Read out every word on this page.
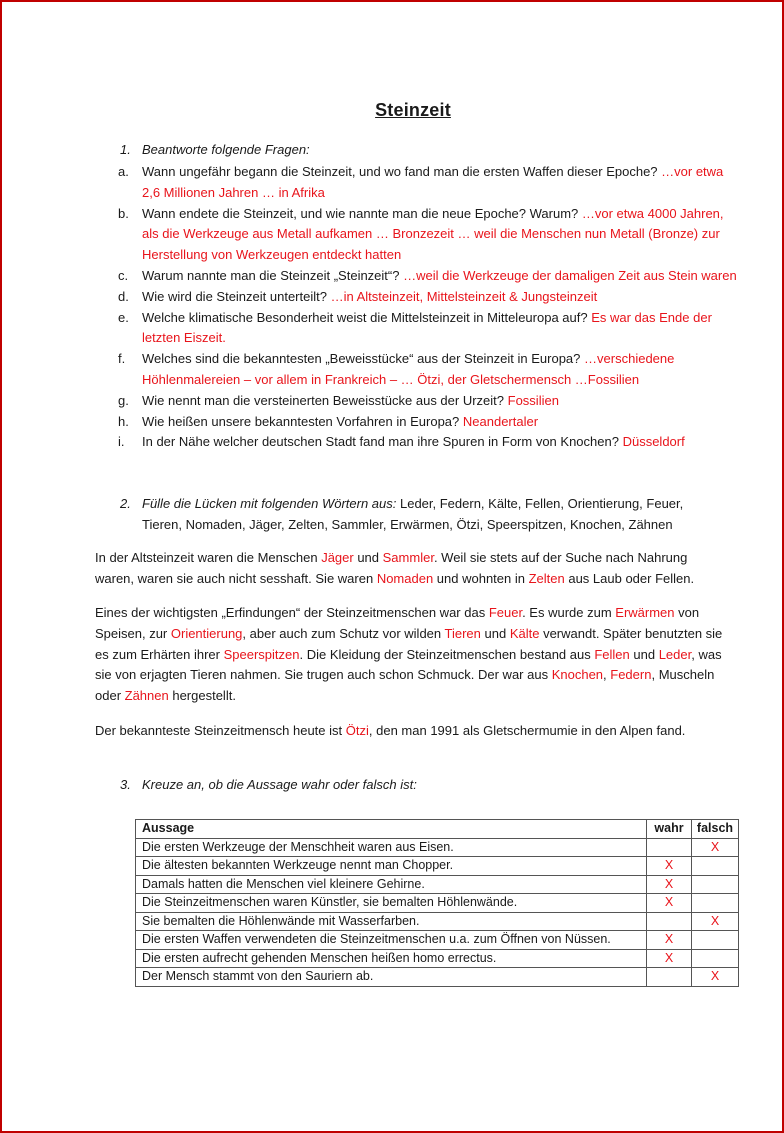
Steinzeit
1. Beantworte folgende Fragen:
a. Wann ungefähr begann die Steinzeit, und wo fand man die ersten Waffen dieser Epoche? …vor etwa 2,6 Millionen Jahren … in Afrika
b. Wann endete die Steinzeit, und wie nannte man die neue Epoche? Warum? …vor etwa 4000 Jahren, als die Werkzeuge aus Metall aufkamen … Bronzezeit … weil die Menschen nun Metall (Bronze) zur Herstellung von Werkzeugen entdeckt hatten
c. Warum nannte man die Steinzeit „Steinzeit“? …weil die Werkzeuge der damaligen Zeit aus Stein waren
d. Wie wird die Steinzeit unterteilt? …in Altsteinzeit, Mittelsteinzeit & Jungsteinzeit
e. Welche klimatische Besonderheit weist die Mittelsteinzeit in Mitteleuropa auf? Es war das Ende der letzten Eiszeit.
f. Welches sind die bekanntesten „Beweisstücke“ aus der Steinzeit in Europa? …verschiedene Höhlenmalereien – vor allem in Frankreich – … Ötzi, der Gletschermensch …Fossilien
g. Wie nennt man die versteinerten Beweisstücke aus der Urzeit? Fossilien
h. Wie heißen unsere bekanntesten Vorfahren in Europa? Neandertaler
i. In der Nähe welcher deutschen Stadt fand man ihre Spuren in Form von Knochen? Düsseldorf
2. Fülle die Lücken mit folgenden Wörtern aus: Leder, Federn, Kälte, Fellen, Orientierung, Feuer,
Tieren, Nomaden, Jäger, Zelten, Sammler, Erwärmen, Ötzi, Speerspitzen, Knochen, Zähnen

In der Altsteinzeit waren die Menschen Jäger und Sammler. Weil sie stets auf der Suche nach Nahrung waren, waren sie auch nicht sesshaft. Sie waren Nomaden und wohnten in Zelten aus Laub oder Fellen.

Eines der wichtigsten „Erfindungen“ der Steinzeitmenschen war das Feuer. Es wurde zum Erwärmen von Speisen, zur Orientierung, aber auch zum Schutz vor wilden Tieren und Kälte verwandt. Später benutzten sie es zum Erhärten ihrer Speerspitzen. Die Kleidung der Steinzeitmenschen bestand aus Fellen und Leder, was sie von erjagten Tieren nahmen. Sie trugen auch schon Schmuck. Der war aus Knochen, Federn, Muscheln oder Zähnen hergestellt.

Der bekannteste Steinzeitmensch heute ist Ötzi, den man 1991 als Gletschermumie in den Alpen fand.

3. Kreuze an, ob die Aussage wahr oder falsch ist:
Aussage	wahr	falsch
Die ersten Werkzeuge der Menschheit waren aus Eisen.		X
Die ältesten bekannten Werkzeuge nennt man Chopper.	X	
Damals hatten die Menschen viel kleinere Gehirne.	X	
Die Steinzeitmenschen waren Künstler, sie bemalten Höhlenwände.	X	
Sie bemalten die Höhlenwände mit Wasserfarben.		X
Die ersten Waffen verwendeten die Steinzeitmenschen u.a. zum Öffnen von Nüssen.	X	
Die ersten aufrecht gehenden Menschen heißen homo errectus.	X	
Der Mensch stammt von den Sauriern ab.		X
